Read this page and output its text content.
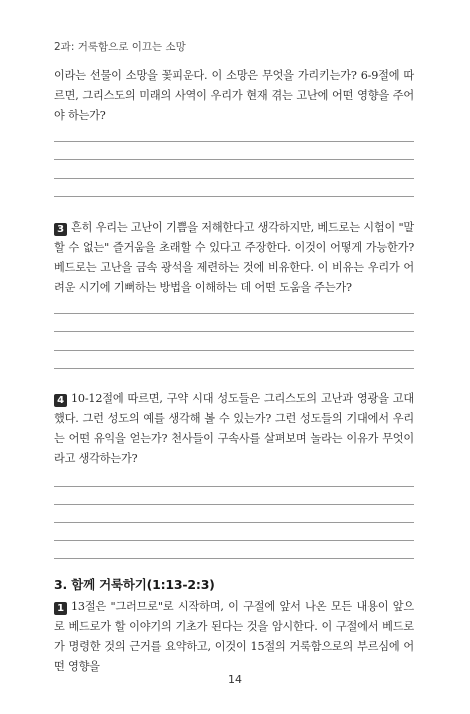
2과: 거룩함으로 이끄는 소망
이라는 선물이 소망을 꽃피운다. 이 소망은 무엇을 가리키는가? 6-9절에 따르면, 그리스도의 미래의 사역이 우리가 현재 겪는 고난에 어떤 영향을 주어야 하는가?
3 흔히 우리는 고난이 기쁨을 저해한다고 생각하지만, 베드로는 시험이 "말할 수 없는" 즐거움을 초래할 수 있다고 주장한다. 이것이 어떻게 가능한가? 베드로는 고난을 금속 광석을 제련하는 것에 비유한다. 이 비유는 우리가 어려운 시기에 기뻐하는 방법을 이해하는 데 어떤 도움을 주는가?
4 10-12절에 따르면, 구약 시대 성도들은 그리스도의 고난과 영광을 고대했다. 그런 성도의 예를 생각해 볼 수 있는가? 그런 성도들의 기대에서 우리는 어떤 유익을 얻는가? 천사들이 구속사를 살펴보며 놀라는 이유가 무엇이라고 생각하는가?
3. 함께 거룩하기(1:13-2:3)
1 13절은 "그러므로"로 시작하며, 이 구절에 앞서 나온 모든 내용이 앞으로 베드로가 할 이야기의 기초가 된다는 것을 암시한다. 이 구절에서 베드로가 명령한 것의 근거를 요약하고, 이것이 15절의 거룩함으로의 부르심에 어떤 영향을
14
